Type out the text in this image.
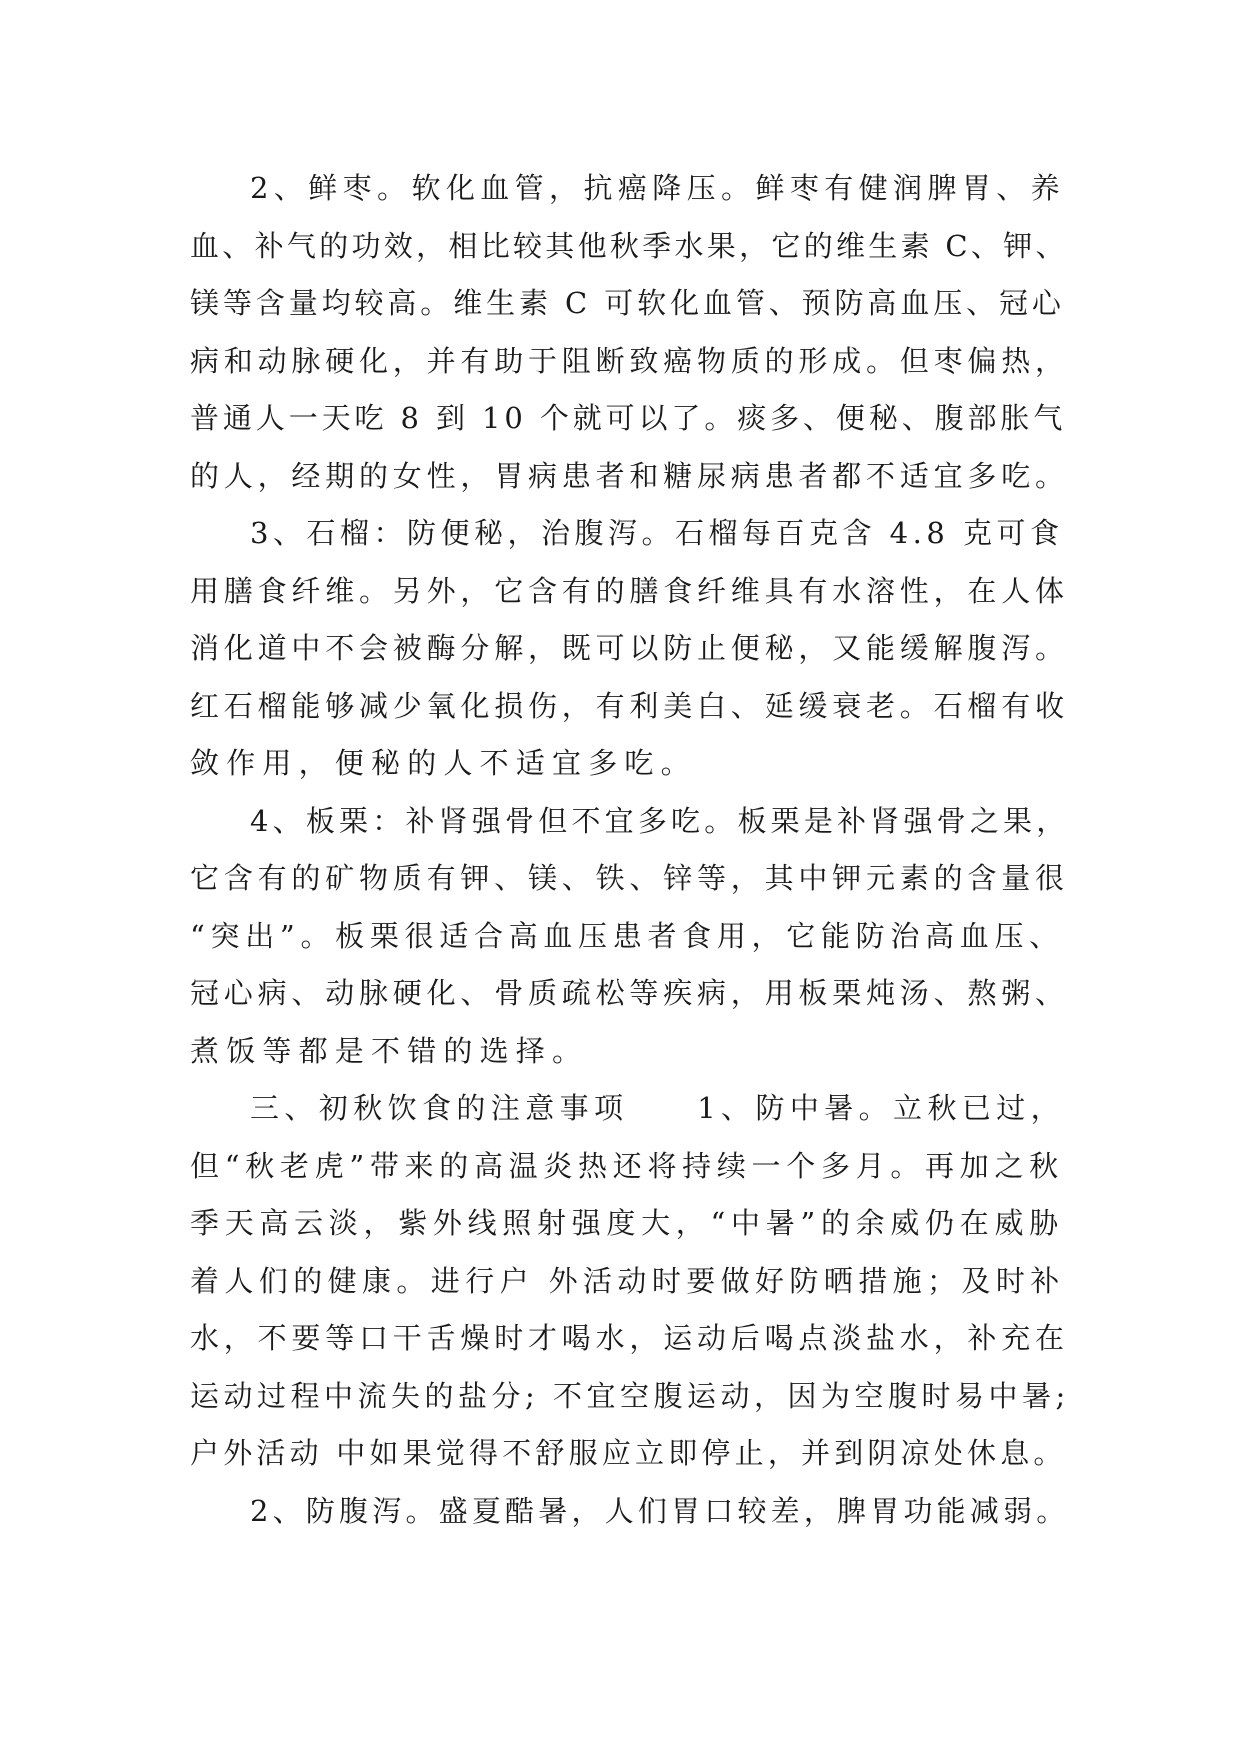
2、鲜枣。软化血管，抗癌降压。鲜枣有健润脾胃、养
血、补气的功效，相比较其他秋季水果，它的维生素 C、钾、
镁等含量均较高。维生素 C 可软化血管、预防高血压、冠心
病和动脉硬化，并有助于阻断致癌物质的形成。但枣偏热，
普通人一天吃 8 到 10 个就可以了。痰多、便秘、腹部胀气
的人，经期的女性，胃病患者和糖尿病患者都不适宜多吃。
3、石榴：防便秘，治腹泻。石榴每百克含 4.8 克可食
用膳食纤维。另外，它含有的膳食纤维具有水溶性，在人体
消化道中不会被酶分解，既可以防止便秘，又能缓解腹泻。
红石榴能够减少氧化损伤，有利美白、延缓衰老。石榴有收
敛作用，便秘的人不适宜多吃。
4、板栗：补肾强骨但不宜多吃。板栗是补肾强骨之果，
它含有的矿物质有钾、镁、铁、锌等，其中钾元素的含量很
“突出”。板栗很适合高血压患者食用，它能防治高血压、
冠心病、动脉硬化、骨质疏松等疾病，用板栗炖汤、熬粥、
煮饭等都是不错的选择。
三、初秋饮食的注意事项　　1、防中暑。立秋已过，
但“秋老虎”带来的高温炎热还将持续一个多月。再加之秋
季天高云淡，紫外线照射强度大，“中暑”的余威仍在威胁
着人们的健康。进行户 外活动时要做好防晒措施；及时补
水，不要等口干舌燥时才喝水，运动后喝点淡盐水，补充在
运动过程中流失的盐分; 不宜空腹运动，因为空腹时易中暑;
户外活动 中如果觉得不舒服应立即停止，并到阴凉处休息。
2、防腹泻。盛夏酷暑，人们胃口较差，脾胃功能减弱。
